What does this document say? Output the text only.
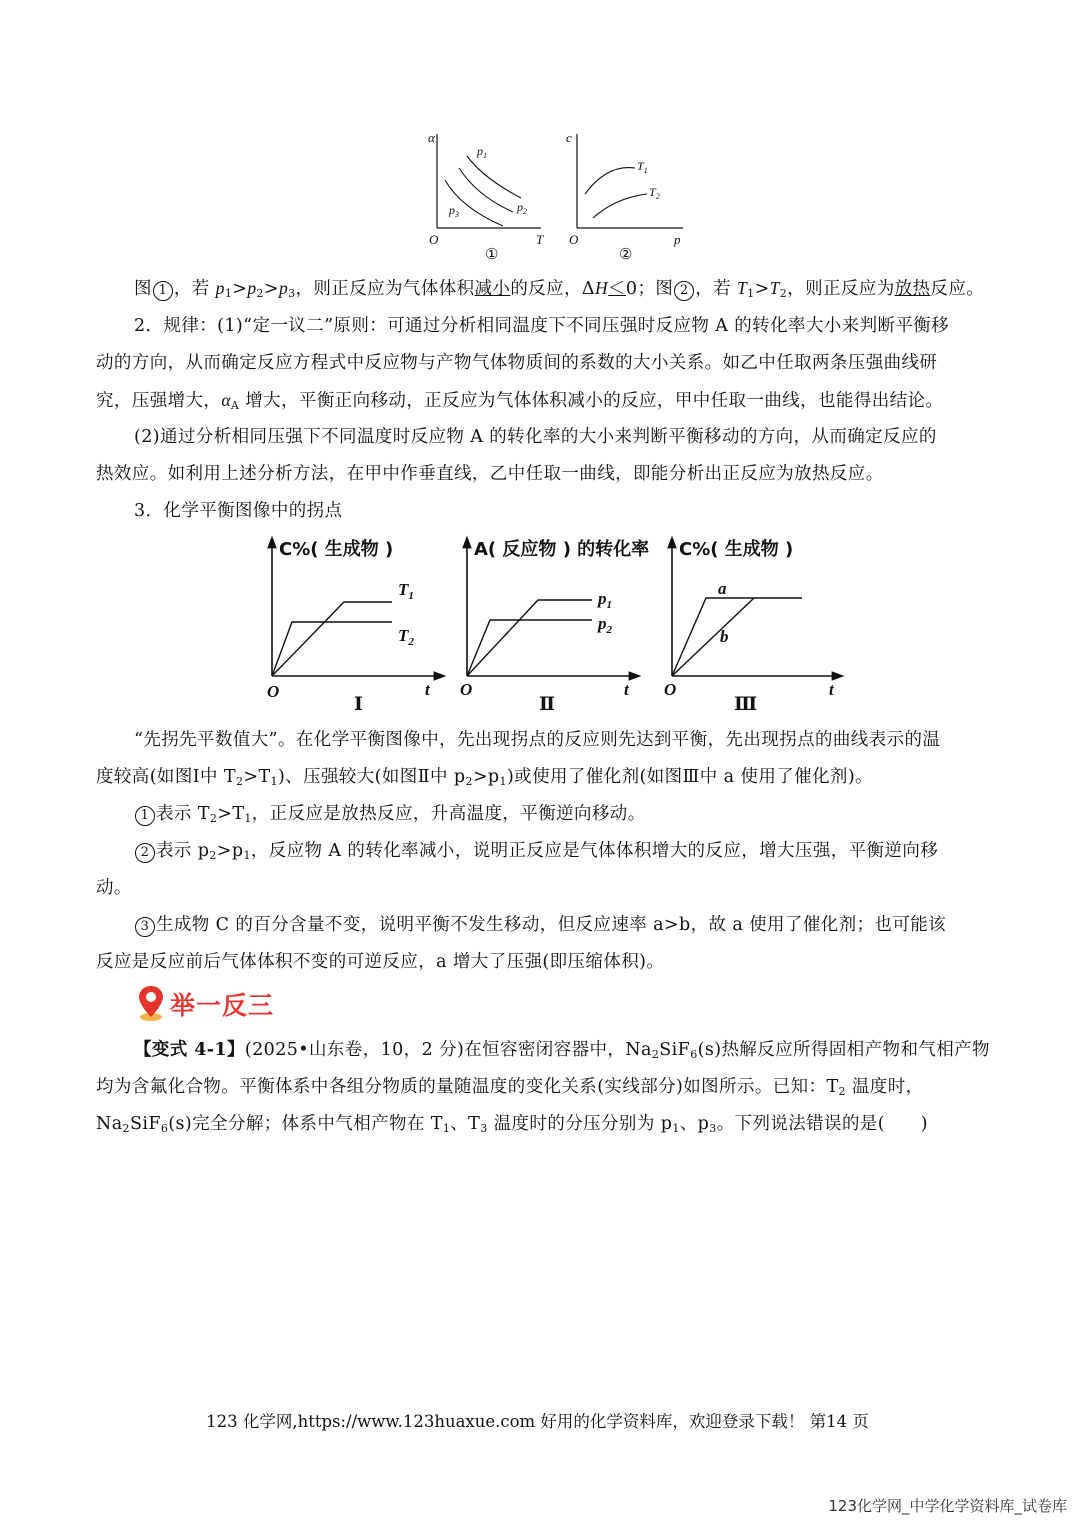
α
O	T
$p_1$
$p_2$
$p_3$
①
c
O	p
$T_1$
$T_2$
②
图 1 ，若 $p_1>p_2>p_3$，则正反应为气体体积减小的反应，ΔH＜0；图 2 ，若 $T_1>T_2$，则正反应为放热反应。
2．规律：(1)“定一议二”原则：可通过分析相同温度下不同压强时反应物 A 的转化率大小来判断平衡移
动的方向，从而确定反应方程式中反应物与产物气体物质间的系数的大小关系。如乙中任取两条压强曲线研
究，压强增大，$\alpha_A$ 增大，平衡正向移动，正反应为气体体积减小的反应，甲中任取一曲线，也能得出结论。
(2)通过分析相同压强下不同温度时反应物 A 的转化率的大小来判断平衡移动的方向，从而确定反应的
热效应。如利用上述分析方法，在甲中作垂直线，乙中任取一曲线，即能分析出正反应为放热反应。
3．化学平衡图像中的拐点
C%( 生成物 )
O	t
$T_1$
$T_2$
Ⅰ
A( 反应物 ) 的转化率
O	t
$p_1$
$p_2$
Ⅱ
C%( 生成物 )
O	t
a
b
Ⅲ
“先拐先平数值大”。在化学平衡图像中，先出现拐点的反应则先达到平衡，先出现拐点的曲线表示的温
度较高(如图Ⅰ中 $T_2>T_1$)、压强较大(如图Ⅱ中 $p_2>p_1$)或使用了催化剂(如图Ⅲ中 a 使用了催化剂)。
1 表示 $T_2>T_1$，正反应是放热反应，升高温度，平衡逆向移动。
2 表示 $p_2>p_1$，反应物 A 的转化率减小，说明正反应是气体体积增大的反应，增大压强，平衡逆向移
动。
3 生成物 C 的百分含量不变，说明平衡不发生移动，但反应速率 a>b，故 a 使用了催化剂；也可能该
反应是反应前后气体体积不变的可逆反应，a 增大了压强(即压缩体积)。
举一反三
【变式 4-1】(2025•山东卷，10，2 分)在恒容密闭容器中，$Na_2SiF_6(s)$热解反应所得固相产物和气相产物
均为含氟化合物。平衡体系中各组分物质的量随温度的变化关系(实线部分)如图所示。已知：$T_2$ 温度时，
$Na_2SiF_6(s)$完全分解；体系中气相产物在 $T_1$、$T_3$ 温度时的分压分别为 $p_1$、$p_3$。下列说法错误的是(　　)
123 化学网,https://www.123huaxue.com 好用的化学资料库，欢迎登录下载！ 第14 页
123化学网_中学化学资料库_试卷库
